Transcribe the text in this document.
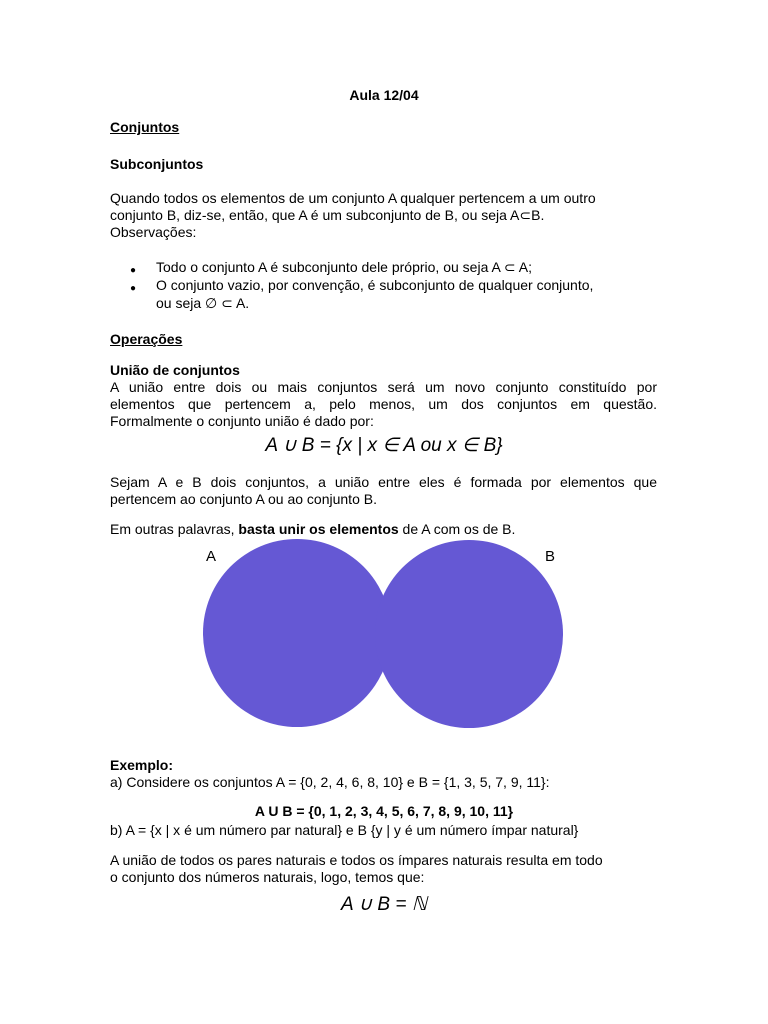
Aula 12/04
Conjuntos
Subconjuntos
Quando todos os elementos de um conjunto A qualquer pertencem a um outro
conjunto B, diz-se, então, que A é um subconjunto de B, ou seja A⊂B.
Observações:
● Todo o conjunto A é subconjunto dele próprio, ou seja A ⊂ A;
● O conjunto vazio, por convenção, é subconjunto de qualquer conjunto,
ou seja ∅ ⊂ A.
Operações
União de conjuntos
A união entre dois ou mais conjuntos será um novo conjunto constituído por
elementos que pertencem a, pelo menos, um dos conjuntos em questão.
Formalmente o conjunto união é dado por:
A ∪ B = {x | x ∈ A ou x ∈ B}
Sejam A e B dois conjuntos, a união entre eles é formada por elementos que
pertencem ao conjunto A ou ao conjunto B.
Em outras palavras, basta unir os elementos de A com os de B.
A	B
Exemplo:
a) Considere os conjuntos A = {0, 2, 4, 6, 8, 10} e B = {1, 3, 5, 7, 9, 11}:
A U B = {0, 1, 2, 3, 4, 5, 6, 7, 8, 9, 10, 11}
b) A = {x | x é um número par natural} e B {y | y é um número ímpar natural}
A união de todos os pares naturais e todos os ímpares naturais resulta em todo
o conjunto dos números naturais, logo, temos que:
A ∪ B = ℕ
